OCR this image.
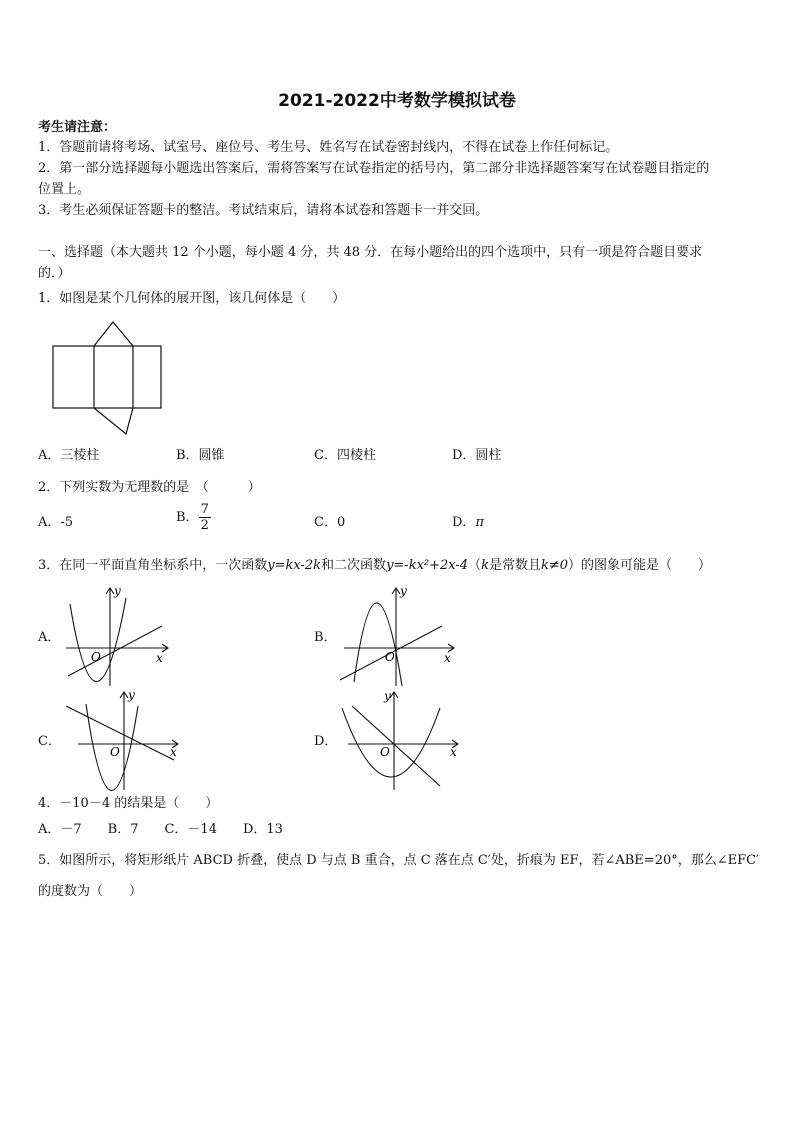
2021-2022中考数学模拟试卷
考生请注意：
1．答题前请将考场、试室号、座位号、考生号、姓名写在试卷密封线内，不得在试卷上作任何标记。
2．第一部分选择题每小题选出答案后，需将答案写在试卷指定的括号内，第二部分非选择题答案写在试卷题目指定的
位置上。
3．考生必须保证答题卡的整洁。考试结束后，请将本试卷和答题卡一并交回。
一、选择题（本大题共 12 个小题，每小题 4 分，共 48 分．在每小题给出的四个选项中，只有一项是符合题目要求
的．）
1．如图是某个几何体的展开图，该几何体是（　　）
A．三棱柱	B．圆锥	C．四棱柱	D．圆柱
2．下列实数为无理数的是　（　　　）
A．-5	B． $\frac{7}{2}$	C．0	D．π
3．在同一平面直角坐标系中，一次函数y=kx-2k和二次函数y=-kx²+2x-4（k是常数且k≠0）的图象可能是（　　）
A．
y
x
O
B．
y
x
O
C．
y
x
O
D．
y
x
O
4．－10－4 的结果是（　　）
A．－7　　B．7　　C．－14　　D．13
5．如图所示，将矩形纸片 ABCD 折叠，使点 D 与点 B 重合，点 C 落在点 C′处，折痕为 EF，若∠ABE=20°，那么∠EFC′
的度数为（　　）
